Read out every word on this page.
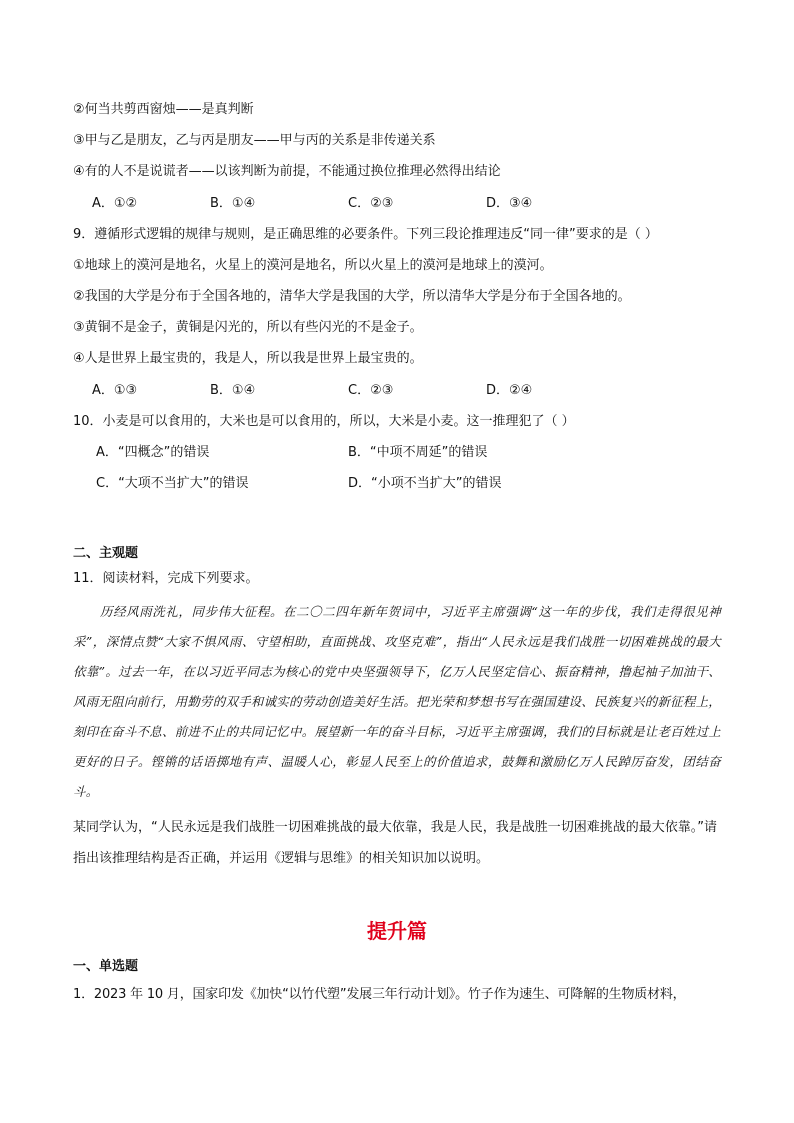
②何当共剪西窗烛——是真判断
③甲与乙是朋友，乙与丙是朋友——甲与丙的关系是非传递关系
④有的人不是说谎者——以该判断为前提，不能通过换位推理必然得出结论
A．①②	B．①④	C．②③	D．③④
9．遵循形式逻辑的规律与规则，是正确思维的必要条件。下列三段论推理违反“同一律”要求的是（ ）
①地球上的漠河是地名，火星上的漠河是地名，所以火星上的漠河是地球上的漠河。
②我国的大学是分布于全国各地的，清华大学是我国的大学，所以清华大学是分布于全国各地的。
③黄铜不是金子，黄铜是闪光的，所以有些闪光的不是金子。
④人是世界上最宝贵的，我是人，所以我是世界上最宝贵的。
A．①③	B．①④	C．②③	D．②④
10．小麦是可以食用的，大米也是可以食用的，所以，大米是小麦。这一推理犯了（ ）
A．“四概念”的错误	B．“中项不周延”的错误
C．“大项不当扩大”的错误	D．“小项不当扩大”的错误
二、主观题
11．阅读材料，完成下列要求。
历经风雨洗礼，同步伟大征程。在二〇二四年新年贺词中，习近平主席强调“这一年的步伐，我们走得很见神采”，深情点赞“大家不惧风雨、守望相助，直面挑战、攻坚克难”，指出“人民永远是我们战胜一切困难挑战的最大依靠”。过去一年，在以习近平同志为核心的党中央坚强领导下，亿万人民坚定信心、振奋精神，撸起袖子加油干、风雨无阻向前行，用勤劳的双手和诚实的劳动创造美好生活。把光荣和梦想书写在强国建设、民族复兴的新征程上，刻印在奋斗不息、前进不止的共同记忆中。展望新一年的奋斗目标，习近平主席强调，我们的目标就是让老百姓过上更好的日子。铿锵的话语掷地有声、温暖人心，彰显人民至上的价值追求，鼓舞和激励亿万人民踔厉奋发，团结奋斗。
某同学认为，“人民永远是我们战胜一切困难挑战的最大依靠，我是人民，我是战胜一切困难挑战的最大依靠。”请指出该推理结构是否正确，并运用《逻辑与思维》的相关知识加以说明。
提升篇
一、单选题
1．2023 年 10 月，国家印发《加快“以竹代塑”发展三年行动计划》。竹子作为速生、可降解的生物质材料，
